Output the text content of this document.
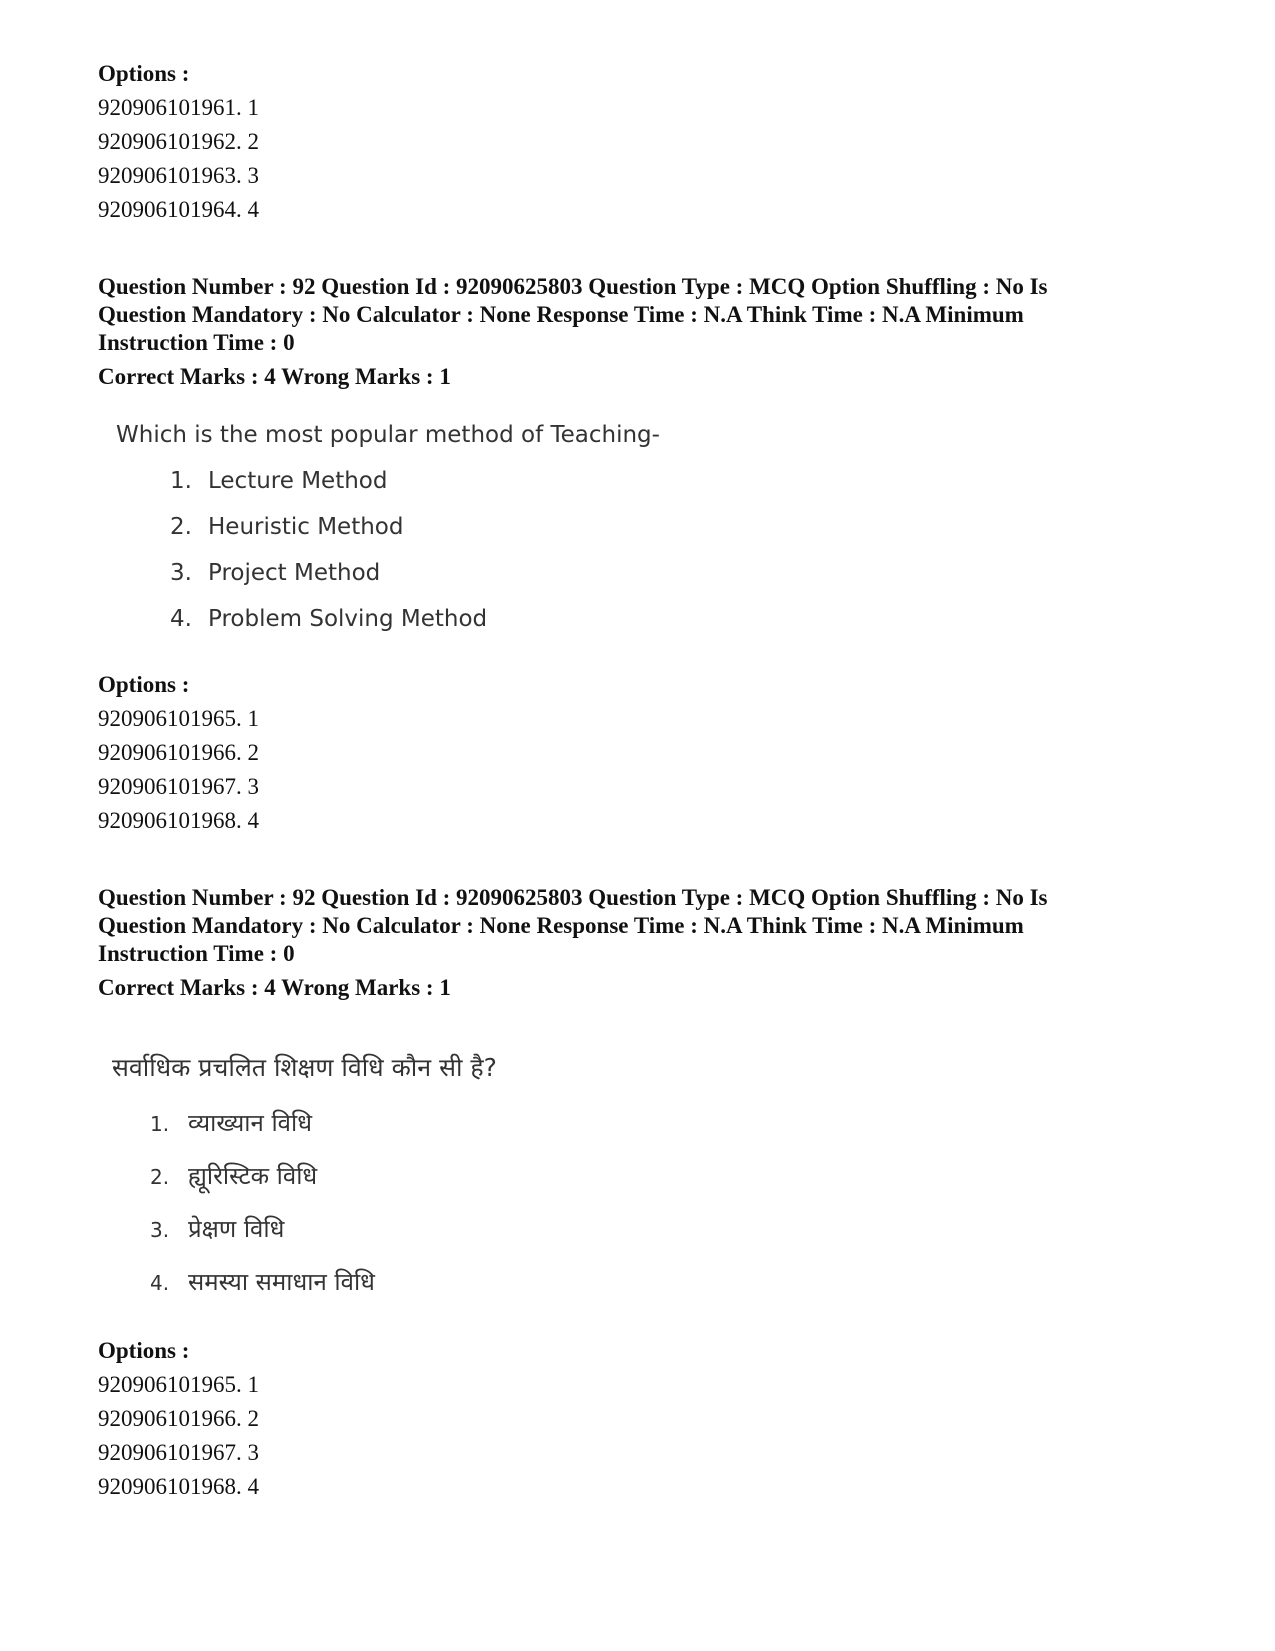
Options :
920906101961. 1
920906101962. 2
920906101963. 3
920906101964. 4
Question Number : 92 Question Id : 92090625803 Question Type : MCQ Option Shuffling : No Is
Question Mandatory : No Calculator : None Response Time : N.A Think Time : N.A Minimum
Instruction Time : 0
Correct Marks : 4 Wrong Marks : 1
Which is the most popular method of Teaching-
1. Lecture Method
2. Heuristic Method
3. Project Method
4. Problem Solving Method
Options :
920906101965. 1
920906101966. 2
920906101967. 3
920906101968. 4
Question Number : 92 Question Id : 92090625803 Question Type : MCQ Option Shuffling : No Is
Question Mandatory : No Calculator : None Response Time : N.A Think Time : N.A Minimum
Instruction Time : 0
Correct Marks : 4 Wrong Marks : 1
सर्वाधिक प्रचलित शिक्षण विधि कौन सी है?
1. व्याख्यान विधि
2. ह्यूरिस्टिक विधि
3. प्रेक्षण विधि
4. समस्या समाधान विधि
Options :
920906101965. 1
920906101966. 2
920906101967. 3
920906101968. 4
